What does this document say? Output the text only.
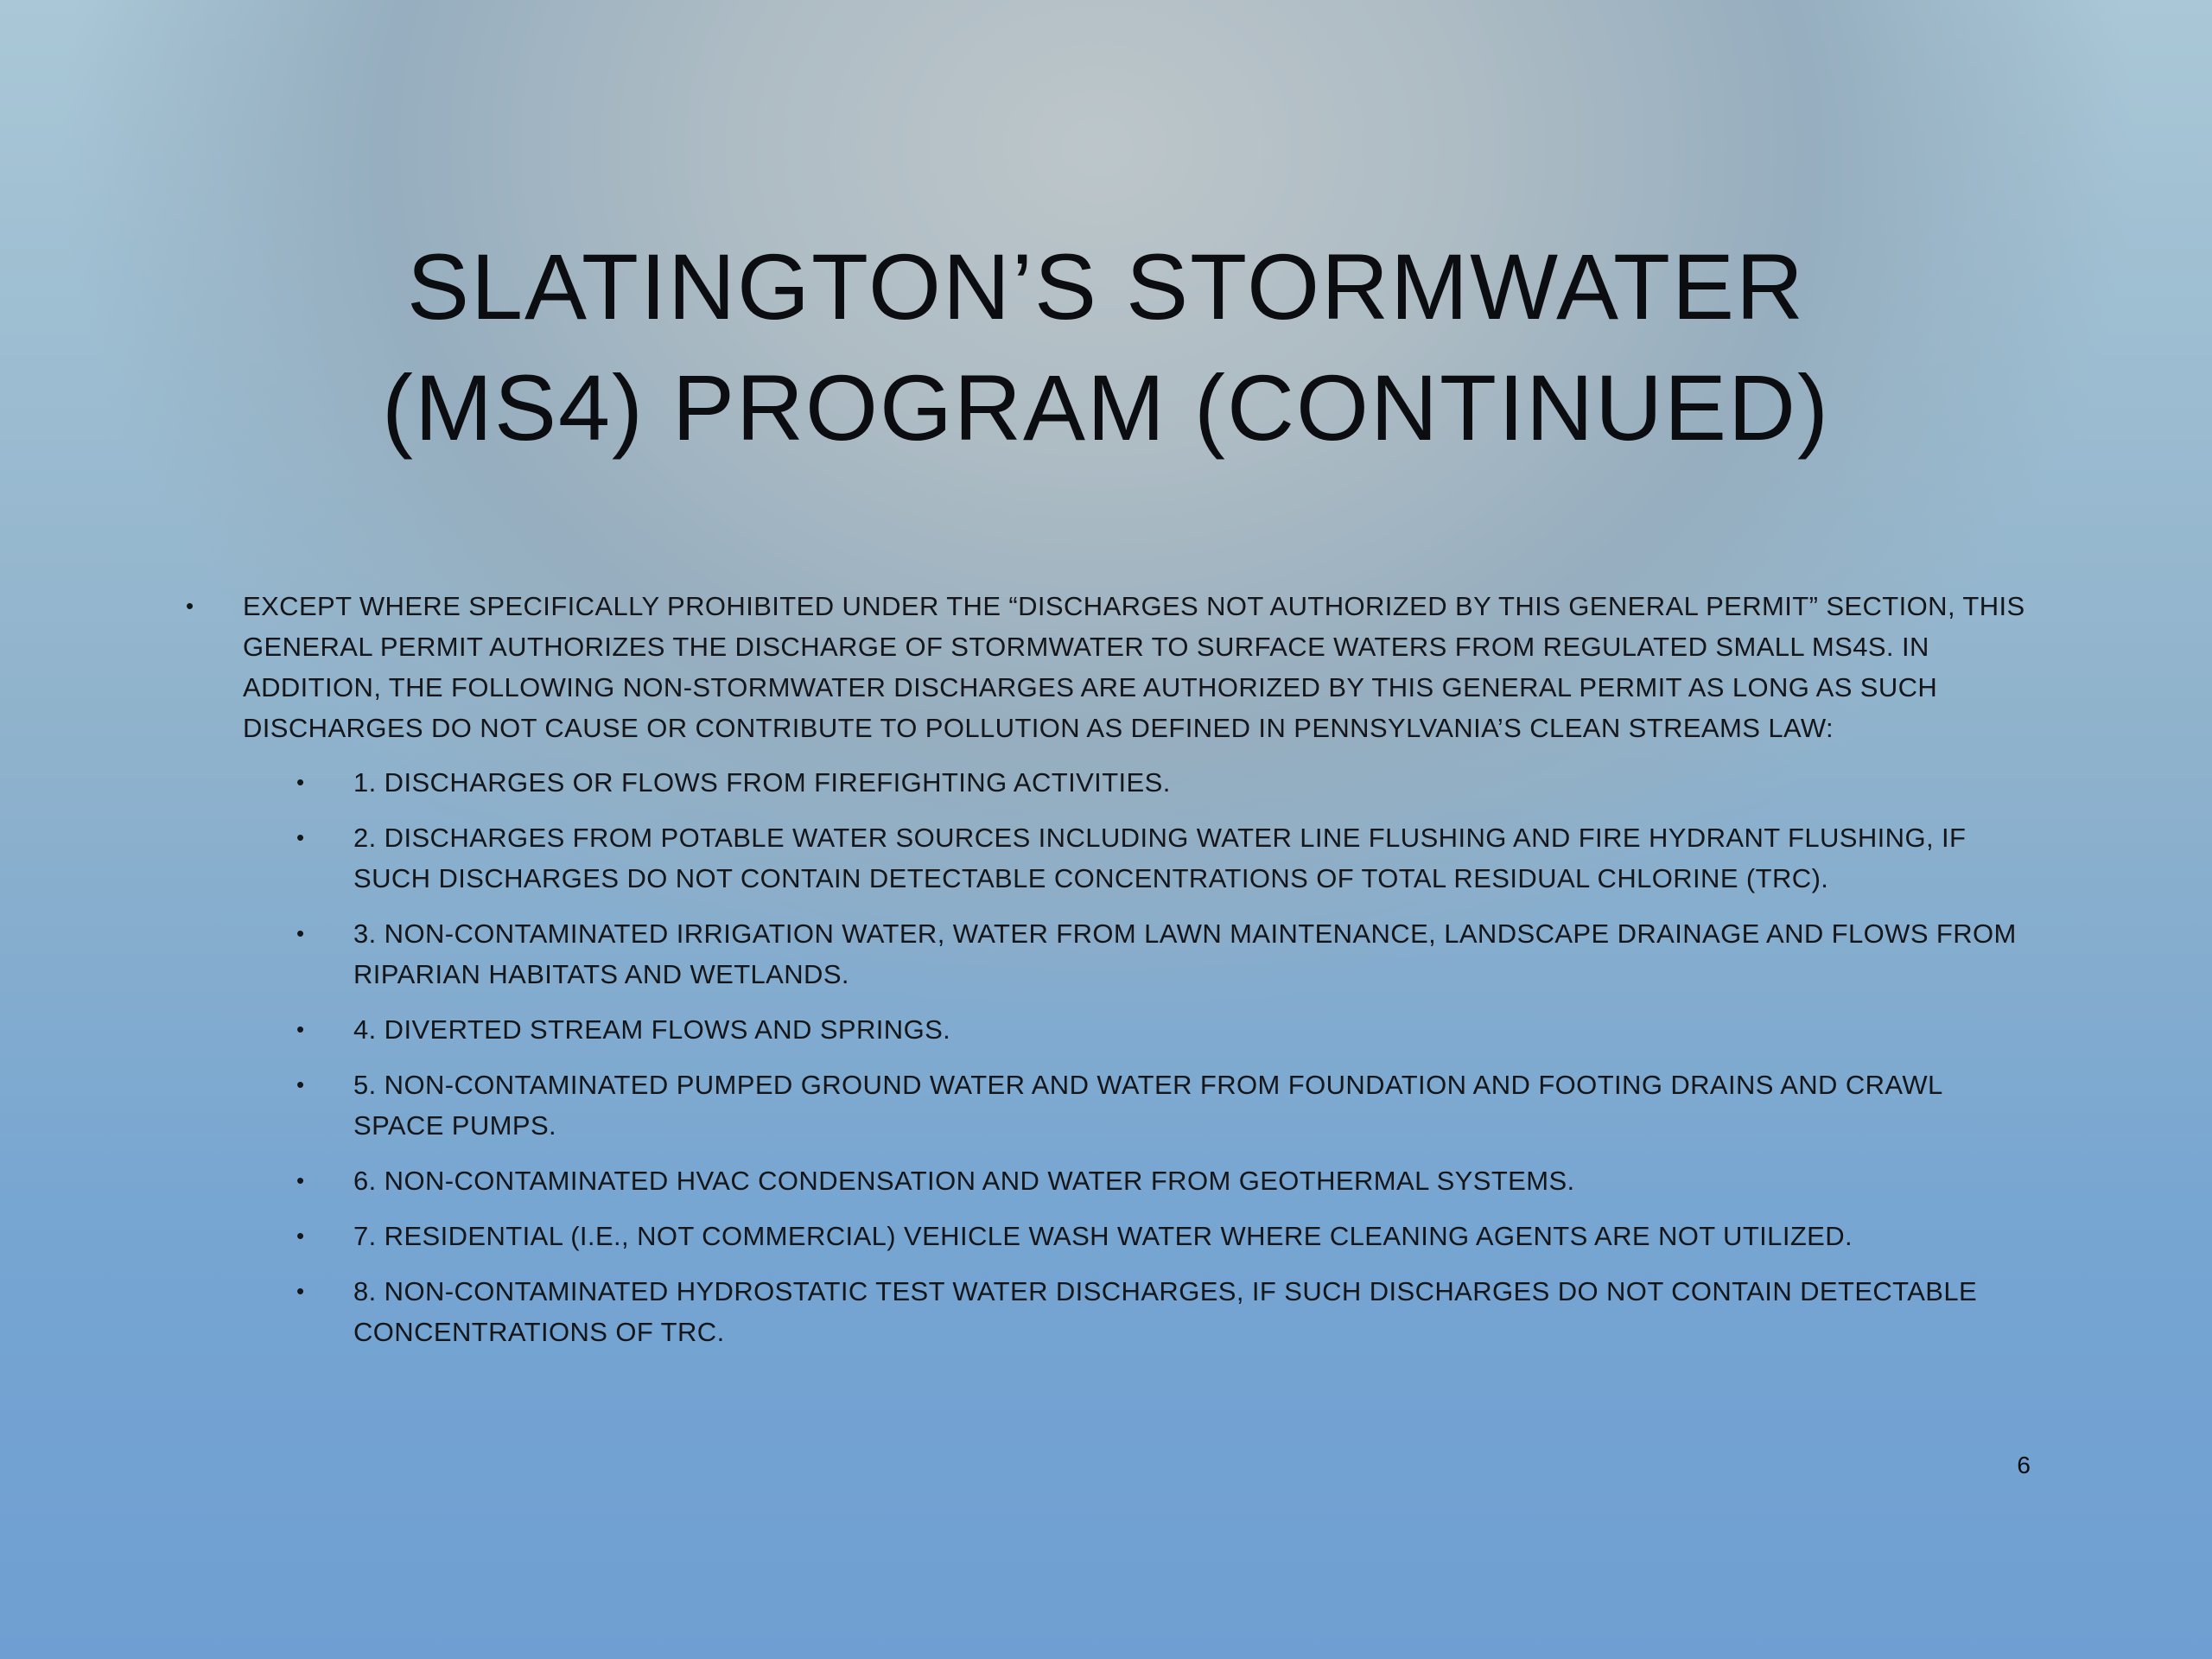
SLATINGTON’S STORMWATER
(MS4) PROGRAM (CONTINUED)
•	EXCEPT WHERE SPECIFICALLY PROHIBITED UNDER THE “DISCHARGES NOT AUTHORIZED BY THIS GENERAL PERMIT” SECTION, THIS GENERAL PERMIT AUTHORIZES THE DISCHARGE OF STORMWATER TO SURFACE WATERS FROM REGULATED SMALL MS4S. IN ADDITION, THE FOLLOWING NON-STORMWATER DISCHARGES ARE AUTHORIZED BY THIS GENERAL PERMIT AS LONG AS SUCH DISCHARGES DO NOT CAUSE OR CONTRIBUTE TO POLLUTION AS DEFINED IN PENNSYLVANIA’S CLEAN STREAMS LAW:
•	1. DISCHARGES OR FLOWS FROM FIREFIGHTING ACTIVITIES.
•	2. DISCHARGES FROM POTABLE WATER SOURCES INCLUDING WATER LINE FLUSHING AND FIRE HYDRANT FLUSHING, IF SUCH DISCHARGES DO NOT CONTAIN DETECTABLE CONCENTRATIONS OF TOTAL RESIDUAL CHLORINE (TRC).
•	3. NON-CONTAMINATED IRRIGATION WATER, WATER FROM LAWN MAINTENANCE, LANDSCAPE DRAINAGE AND FLOWS FROM RIPARIAN HABITATS AND WETLANDS.
•	4. DIVERTED STREAM FLOWS AND SPRINGS.
•	5. NON-CONTAMINATED PUMPED GROUND WATER AND WATER FROM FOUNDATION AND FOOTING DRAINS AND CRAWL SPACE PUMPS.
•	6. NON-CONTAMINATED HVAC CONDENSATION AND WATER FROM GEOTHERMAL SYSTEMS.
•	7. RESIDENTIAL (I.E., NOT COMMERCIAL) VEHICLE WASH WATER WHERE CLEANING AGENTS ARE NOT UTILIZED.
•	8. NON-CONTAMINATED HYDROSTATIC TEST WATER DISCHARGES, IF SUCH DISCHARGES DO NOT CONTAIN DETECTABLE CONCENTRATIONS OF TRC.
6
